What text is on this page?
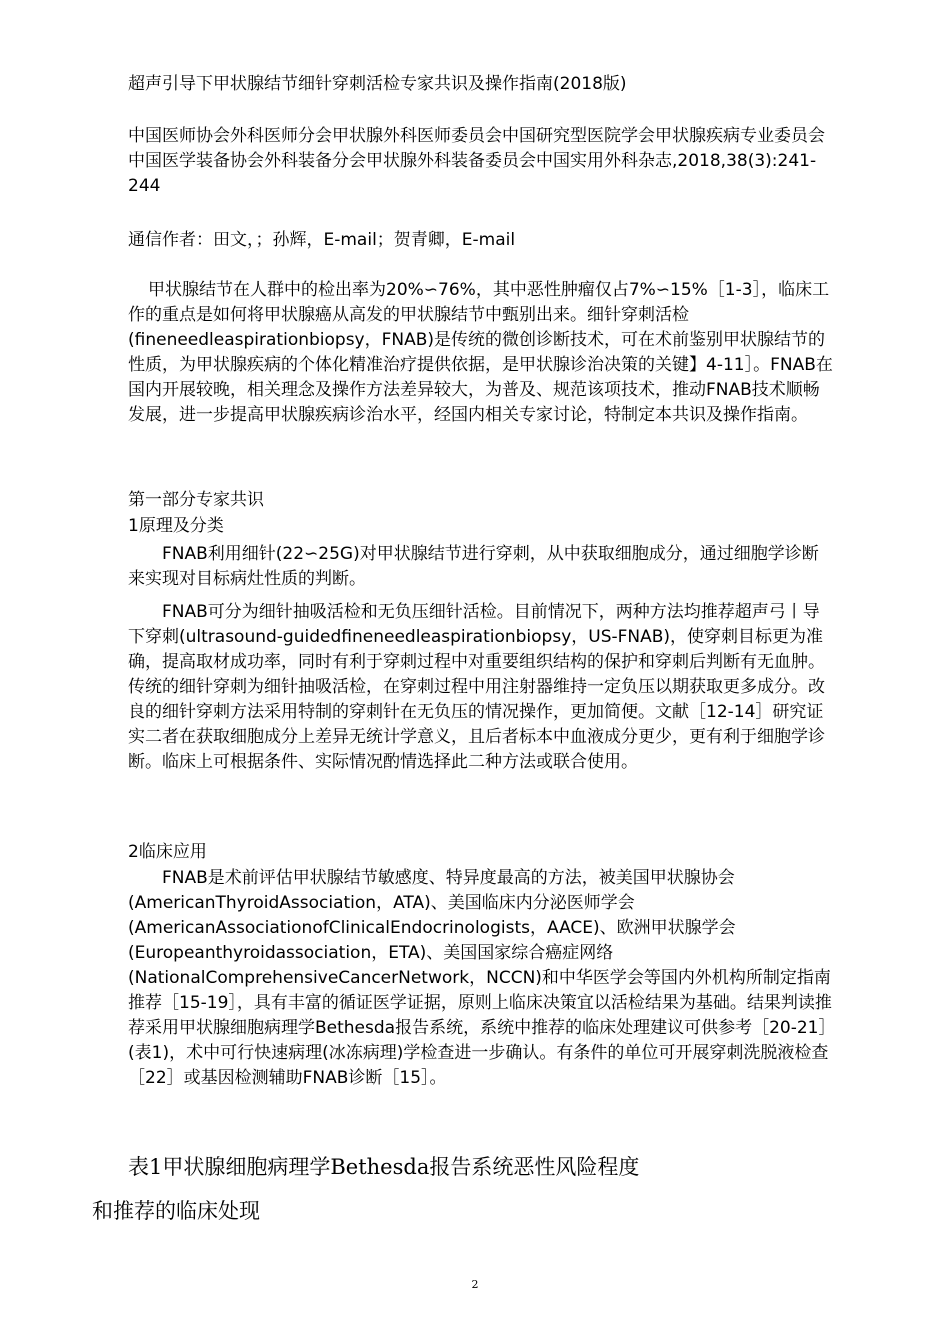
超声引导下甲状腺结节细针穿刺活检专家共识及操作指南(2018版)

中国医师协会外科医师分会甲状腺外科医师委员会中国研究型医院学会甲状腺疾病专业委员会中国医学装备协会外科装备分会甲状腺外科装备委员会中国实用外科杂志,2018,38(3):241-244

通信作者：田文，；孙辉，E-mail；贺青卿，E-mail

甲状腺结节在人群中的检出率为20%∽76%，其中恶性肿瘤仅占7%∽15%［1-3］，临床工作的重点是如何将甲状腺癌从高发的甲状腺结节中甄别出来。细针穿刺活检(fineneedleaspirationbiopsy，FNAB)是传统的微创诊断技术，可在术前鉴别甲状腺结节的性质，为甲状腺疾病的个体化精准治疗提供依据，是甲状腺诊治决策的关键】4-11］。FNAB在国内开展较晚，相关理念及操作方法差异较大，为普及、规范该项技术，推动FNAB技术顺畅发展，进一步提高甲状腺疾病诊治水平，经国内相关专家讨论，特制定本共识及操作指南。

第一部分专家共识

1原理及分类

FNAB利用细针(22∽25G)对甲状腺结节进行穿刺，从中获取细胞成分，通过细胞学诊断来实现对目标病灶性质的判断。

FNAB可分为细针抽吸活检和无负压细针活检。目前情况下，两种方法均推荐超声弓丨导下穿刺(ultrasound-guidedfineneedleaspirationbiopsy，US-FNAB)，使穿刺目标更为准确，提高取材成功率，同时有利于穿刺过程中对重要组织结构的保护和穿刺后判断有无血肿。传统的细针穿刺为细针抽吸活检，在穿刺过程中用注射器维持一定负压以期获取更多成分。改良的细针穿刺方法采用特制的穿刺针在无负压的情况操作，更加简便。文献［12-14］研究证实二者在获取细胞成分上差异无统计学意义，且后者标本中血液成分更少，更有利于细胞学诊断。临床上可根据条件、实际情况酌情选择此二种方法或联合使用。

2临床应用

FNAB是术前评估甲状腺结节敏感度、特异度最高的方法，被美国甲状腺协会(AmericanThyroidAssociation，ATA)、美国临床内分泌医师学会(AmericanAssociationofClinicalEndocrinologists，AACE)、欧洲甲状腺学会(Europeanthyroidassociation，ETA)、美国国家综合癌症网络(NationalComprehensiveCancerNetwork，NCCN)和中华医学会等国内外机构所制定指南推荐［15-19］，具有丰富的循证医学证据，原则上临床决策宜以活检结果为基础。结果判读推荐采用甲状腺细胞病理学Bethesda报告系统，系统中推荐的临床处理建议可供参考［20-21］(表1)，术中可行快速病理(冰冻病理)学检查进一步确认。有条件的单位可开展穿刺洗脱液检查［22］或基因检测辅助FNAB诊断［15］。

表1甲状腺细胞病理学Bethesda报告系统恶性风险程度

和推荐的临床处现

2
